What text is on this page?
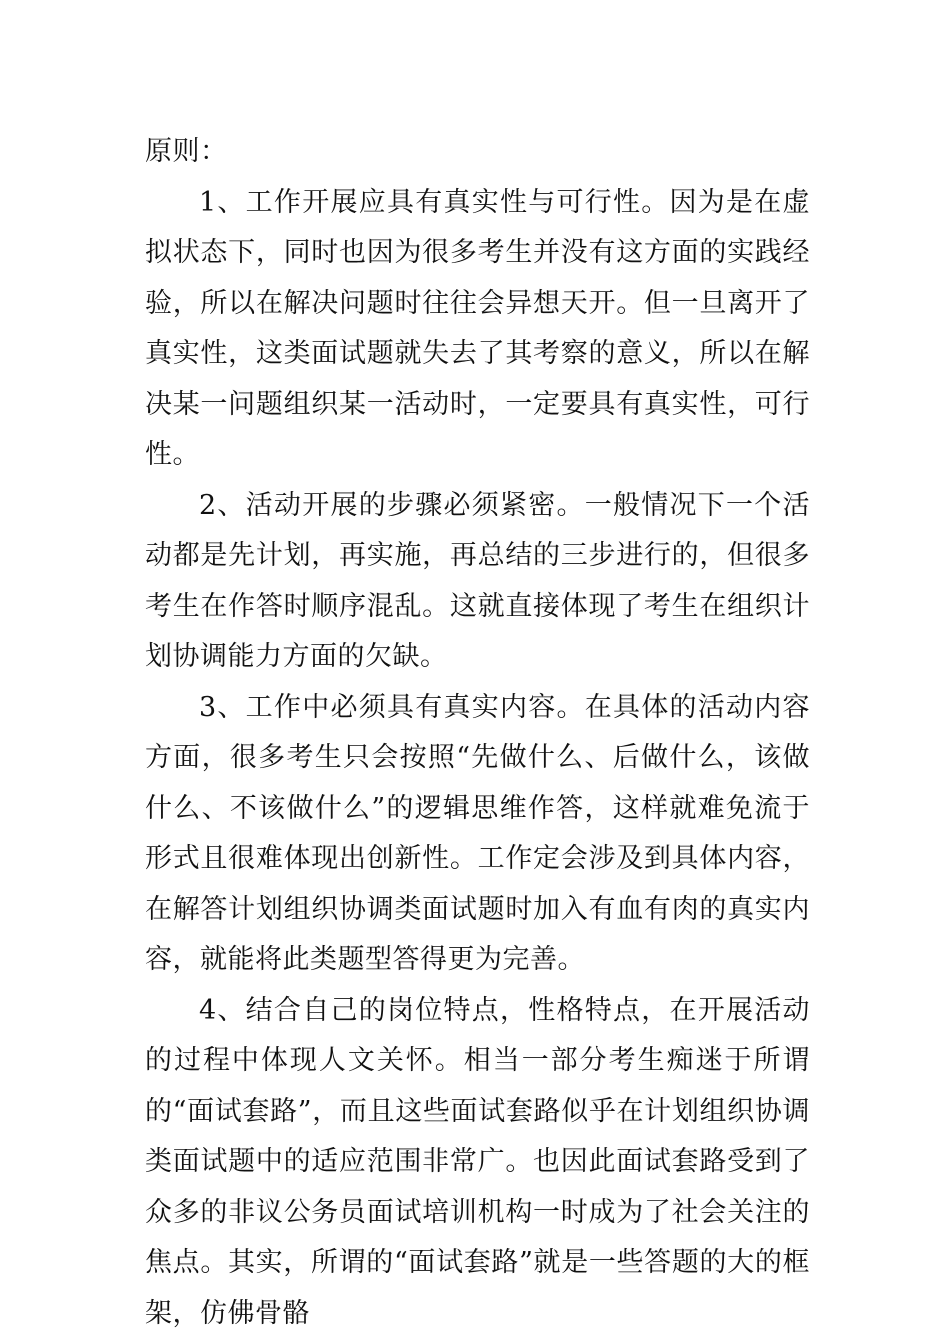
原则：

1、工作开展应具有真实性与可行性。因为是在虚拟状态下，同时也因为很多考生并没有这方面的实践经验，所以在解决问题时往往会异想天开。但一旦离开了真实性，这类面试题就失去了其考察的意义，所以在解决某一问题组织某一活动时，一定要具有真实性，可行性。

2、活动开展的步骤必须紧密。一般情况下一个活动都是先计划，再实施，再总结的三步进行的，但很多考生在作答时顺序混乱。这就直接体现了考生在组织计划协调能力方面的欠缺。

3、工作中必须具有真实内容。在具体的活动内容方面，很多考生只会按照“先做什么、后做什么，该做什么、不该做什么”的逻辑思维作答，这样就难免流于形式且很难体现出创新性。工作定会涉及到具体内容，在解答计划组织协调类面试题时加入有血有肉的真实内容，就能将此类题型答得更为完善。

4、结合自己的岗位特点，性格特点，在开展活动的过程中体现人文关怀。相当一部分考生痴迷于所谓的“面试套路”，而且这些面试套路似乎在计划组织协调类面试题中的适应范围非常广。也因此面试套路受到了众多的非议公务员面试培训机构一时成为了社会关注的焦点。其实，所谓的“面试套路”就是一些答题的大的框架，仿佛骨骼
